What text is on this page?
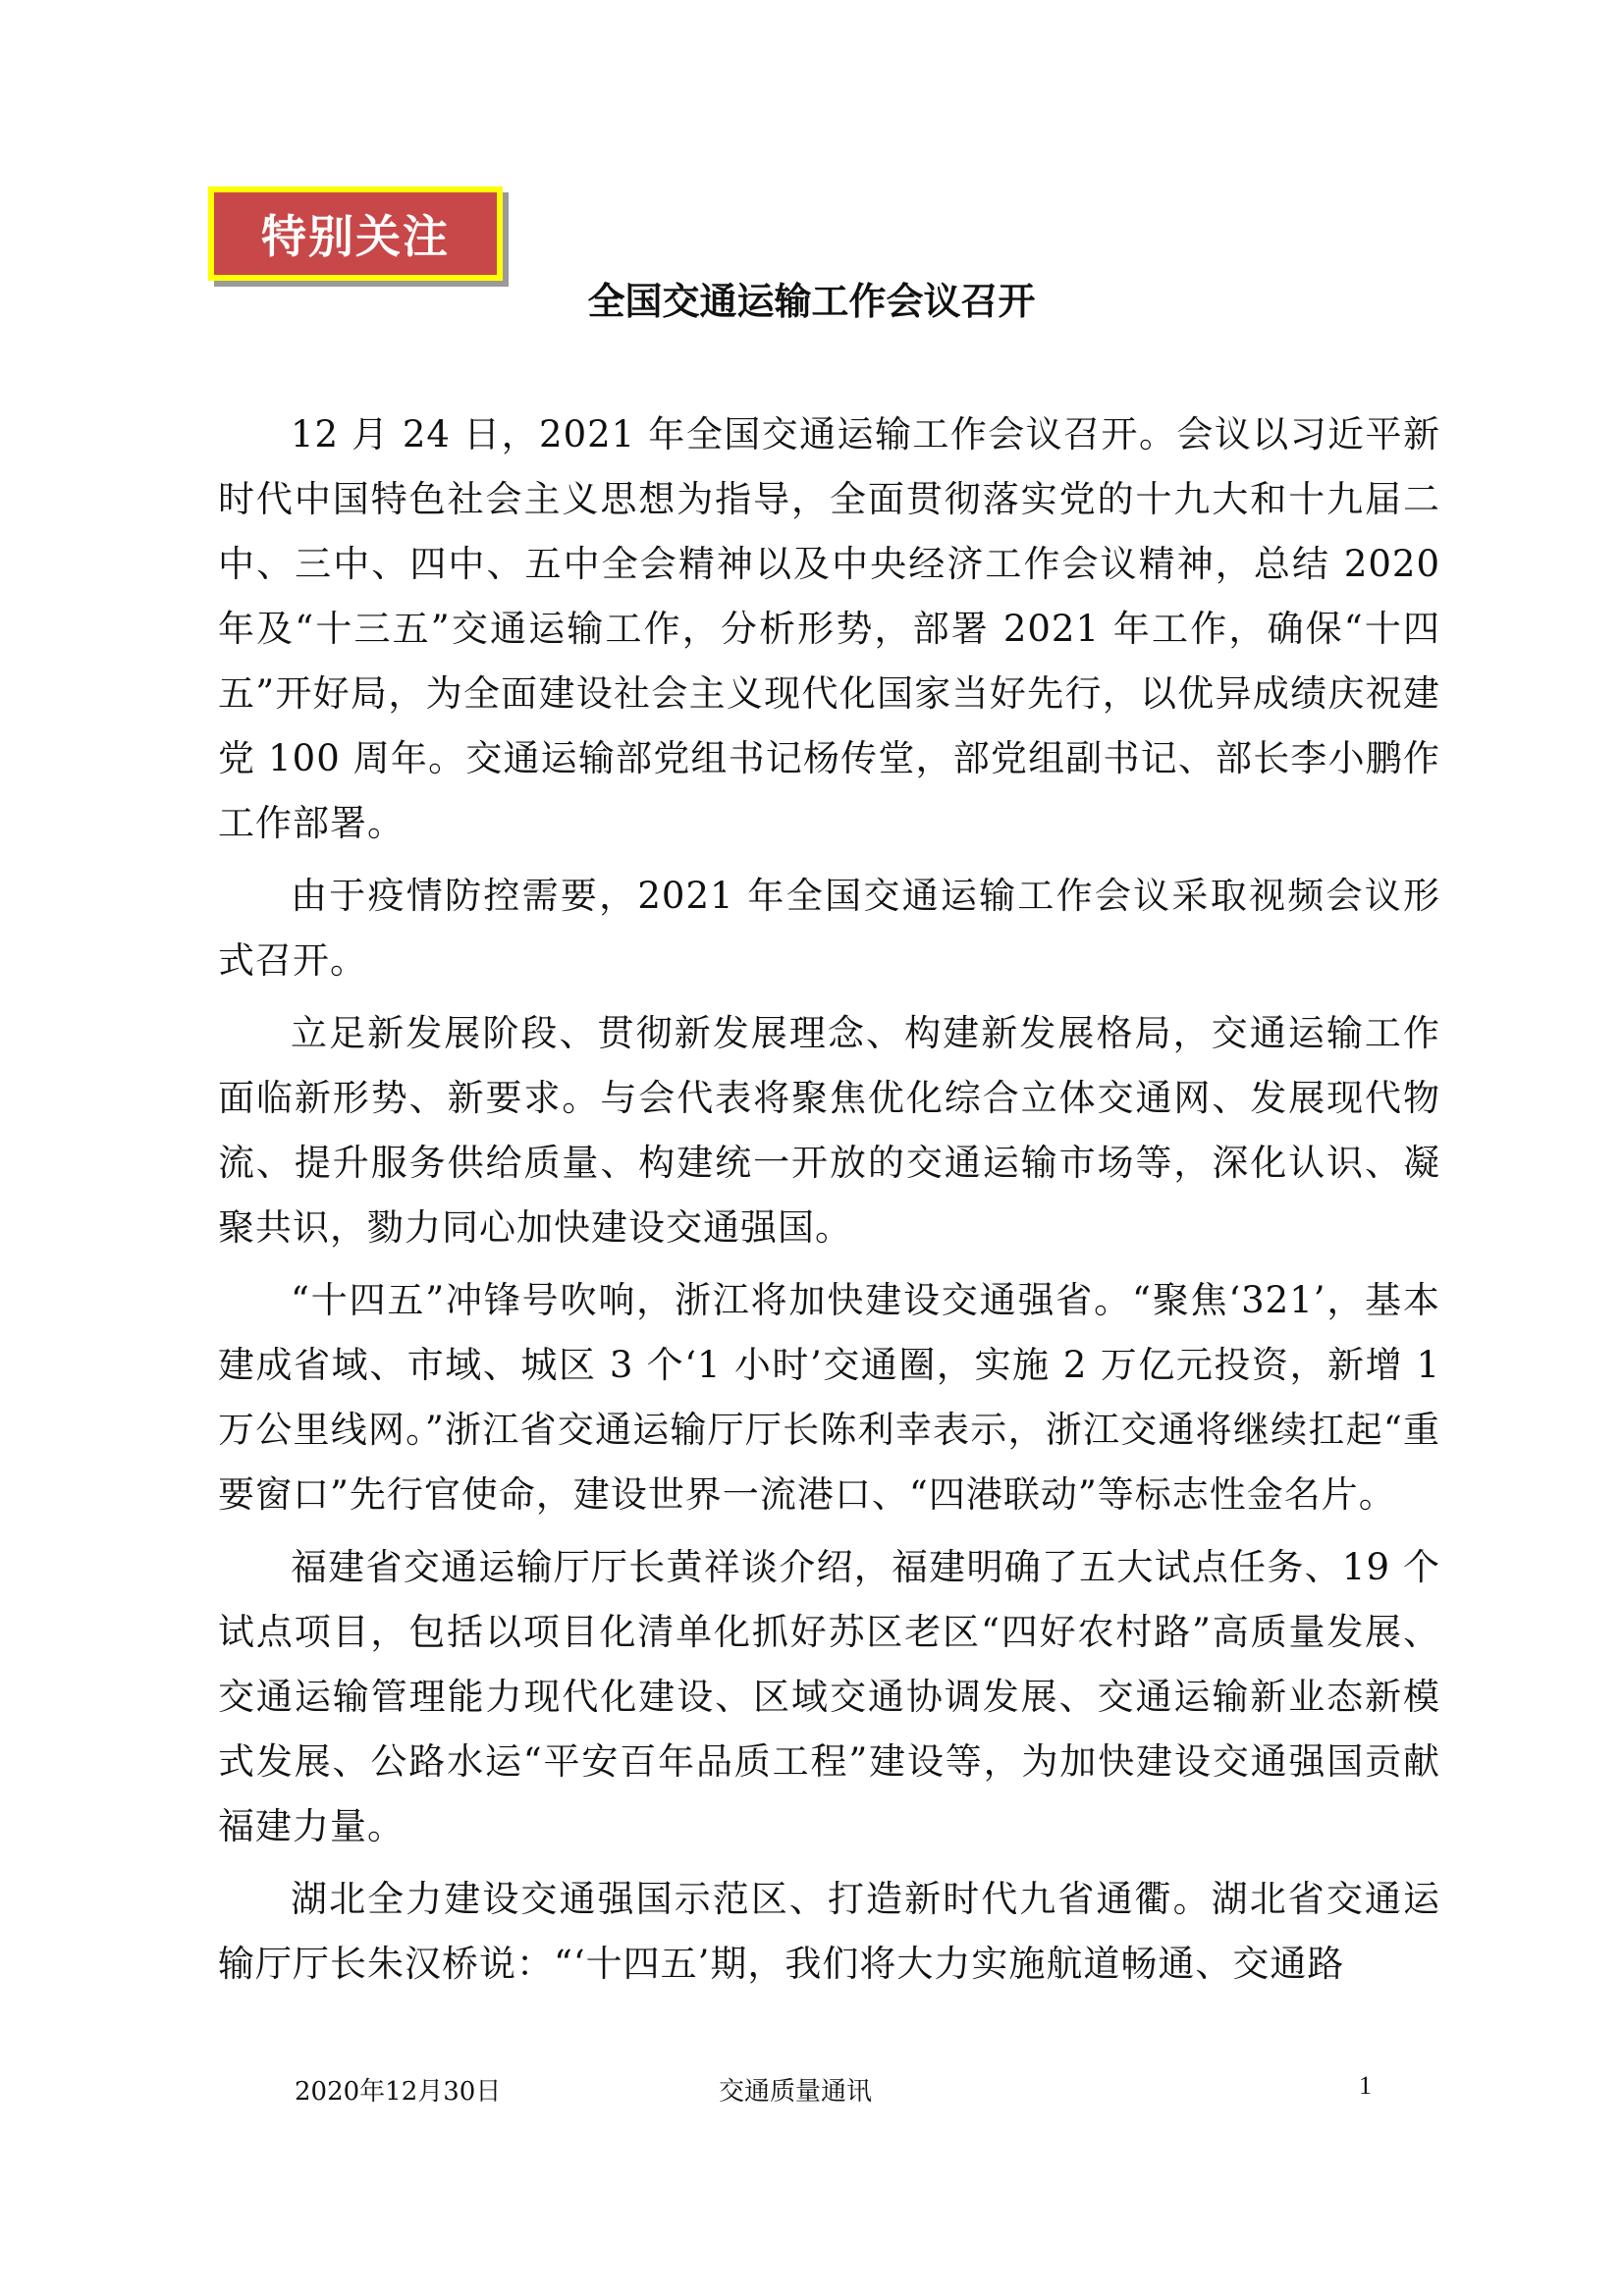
特别关注
全国交通运输工作会议召开

12 月 24 日，2021 年全国交通运输工作会议召开。会议以习近平新时代中国特色社会主义思想为指导，全面贯彻落实党的十九大和十九届二中、三中、四中、五中全会精神以及中央经济工作会议精神，总结 2020 年及“十三五”交通运输工作，分析形势，部署 2021 年工作，确保“十四五”开好局，为全面建设社会主义现代化国家当好先行，以优异成绩庆祝建党 100 周年。交通运输部党组书记杨传堂，部党组副书记、部长李小鹏作工作部署。

由于疫情防控需要，2021 年全国交通运输工作会议采取视频会议形式召开。

立足新发展阶段、贯彻新发展理念、构建新发展格局，交通运输工作面临新形势、新要求。与会代表将聚焦优化综合立体交通网、发展现代物流、提升服务供给质量、构建统一开放的交通运输市场等，深化认识、凝聚共识，勠力同心加快建设交通强国。

“十四五”冲锋号吹响，浙江将加快建设交通强省。“聚焦‘321’，基本建成省域、市域、城区 3 个‘1 小时’交通圈，实施 2 万亿元投资，新增 1 万公里线网。”浙江省交通运输厅厅长陈利幸表示，浙江交通将继续扛起“重要窗口”先行官使命，建设世界一流港口、“四港联动”等标志性金名片。

福建省交通运输厅厅长黄祥谈介绍，福建明确了五大试点任务、19 个试点项目，包括以项目化清单化抓好苏区老区“四好农村路”高质量发展、交通运输管理能力现代化建设、区域交通协调发展、交通运输新业态新模式发展、公路水运“平安百年品质工程”建设等，为加快建设交通强国贡献福建力量。

湖北全力建设交通强国示范区、打造新时代九省通衢。湖北省交通运输厅厅长朱汉桥说：“‘十四五’期，我们将大力实施航道畅通、交通路

2020年12月30日	交通质量通讯	1
